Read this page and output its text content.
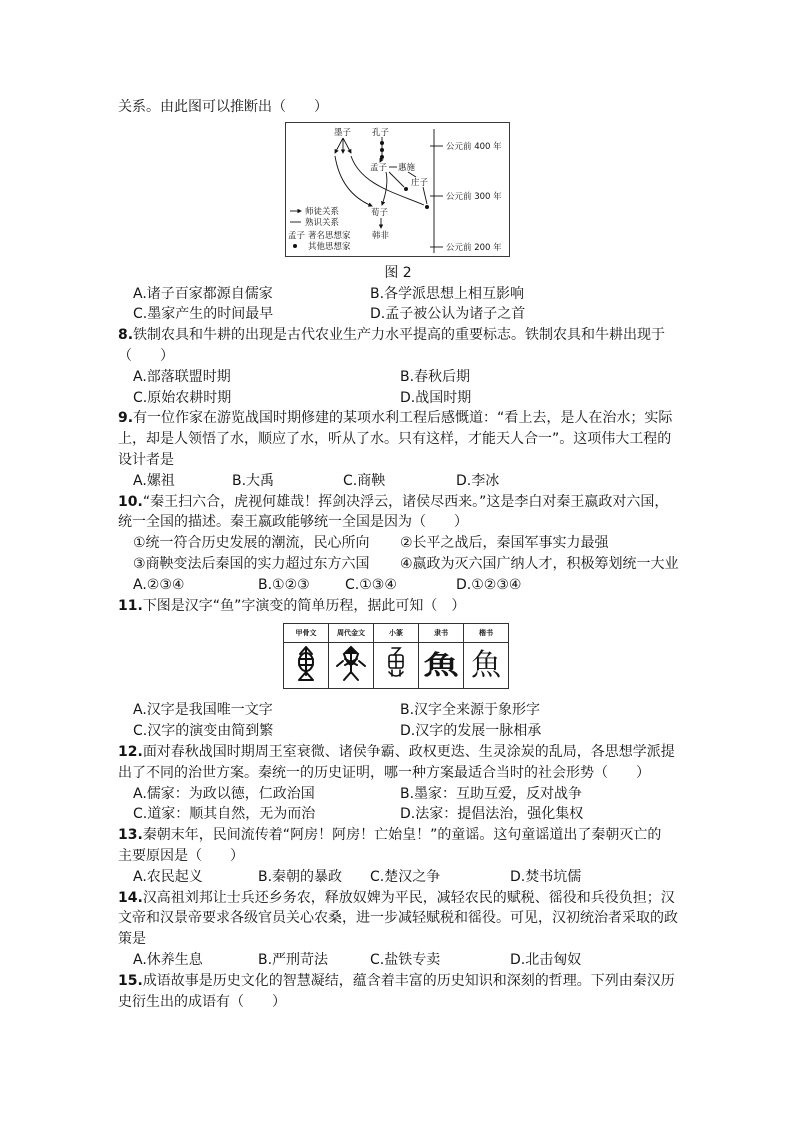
关系。由此图可以推断出（　　）
墨子 孔子
孟子 惠施
庄子
荀子
韩非
公元前 400 年
公元前 300 年
公元前 200 年
师徒关系
熟识关系
孟子 著名思想家
其他思想家
图 2
A.诸子百家都源自儒家	B.各学派思想上相互影响
C.墨家产生的时间最早	D.孟子被公认为诸子之首
8.铁制农具和牛耕的出现是古代农业生产力水平提高的重要标志。铁制农具和牛耕出现于
（　　）
A.部落联盟时期	B.春秋后期
C.原始农耕时期	D.战国时期
9.有一位作家在游览战国时期修建的某项水利工程后感慨道：“看上去，是人在治水；实际
上，却是人领悟了水，顺应了水，听从了水。只有这样，才能天人合一”。这项伟大工程的
设计者是
A.嫘祖	B.大禹	C.商鞅	D.李冰
10.“秦王扫六合，虎视何雄哉！挥剑决浮云，诸侯尽西来。”这是李白对秦王嬴政对六国，
统一全国的描述。秦王嬴政能够统一全国是因为（　　）
①统一符合历史发展的潮流，民心所向 ②长平之战后，秦国军事实力最强
③商鞅变法后秦国的实力超过东方六国 ④嬴政为灭六国广纳人才，积极筹划统一大业
A.②③④	B.①②③	C.①③④	D.①②③④
11.下图是汉字“鱼”字演变的简单历程，据此可知（　）
甲骨文	周代金文	小篆	隶书	楷书
			魚	魚
A.汉字是我国唯一文字	B.汉字全来源于象形字
C.汉字的演变由简到繁	D.汉字的发展一脉相承
12.面对春秋战国时期周王室衰微、诸侯争霸、政权更迭、生灵涂炭的乱局，各思想学派提
出了不同的治世方案。秦统一的历史证明，哪一种方案最适合当时的社会形势（　　）
A.儒家：为政以德，仁政治国	B.墨家：互助互爱，反对战争
C.道家：顺其自然，无为而治	D.法家：提倡法治，强化集权
13.秦朝末年，民间流传着“阿房！阿房！亡始皇！”的童谣。这句童谣道出了秦朝灭亡的
主要原因是（　　）
A.农民起义	B.秦朝的暴政 C.楚汉之争	D.焚书坑儒
14.汉高祖刘邦让士兵还乡务农，释放奴婢为平民，减轻农民的赋税、徭役和兵役负担；汉
文帝和汉景帝要求各级官员关心农桑，进一步减轻赋税和徭役。可见，汉初统治者采取的政
策是
A.休养生息	B.严刑苛法	C.盐铁专卖	D.北击匈奴
15.成语故事是历史文化的智慧凝结，蕴含着丰富的历史知识和深刻的哲理。下列由秦汉历
史衍生出的成语有（　　）
